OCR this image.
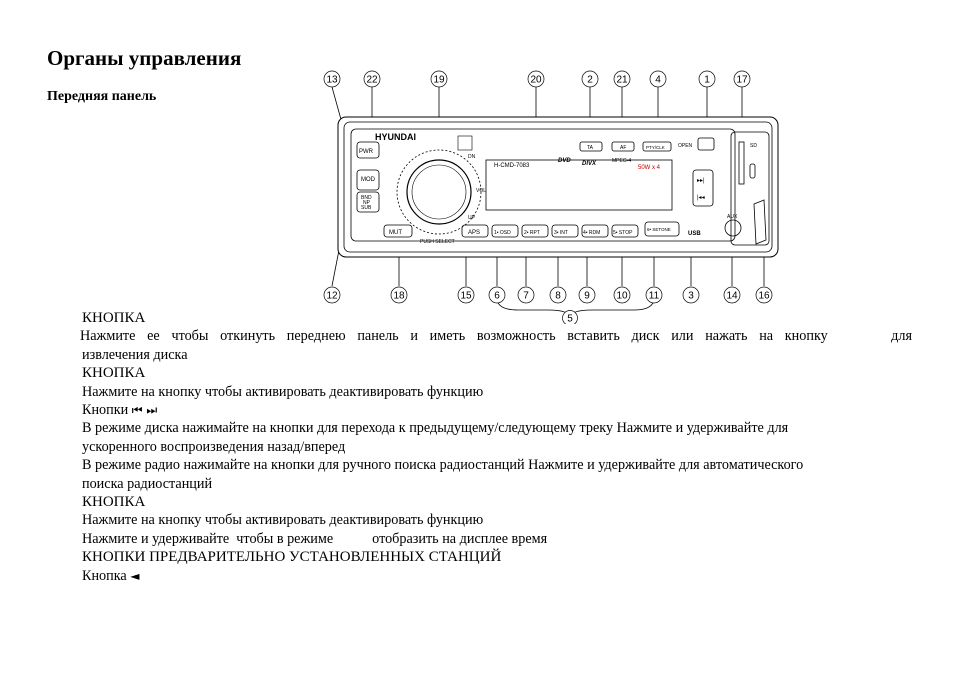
Органы управления
Передняя панель
HYUNDAI
PWR
MOD
BND
NP
SUB
MUT
PUSH SELECT
DN
VOL
UP
APS	1• OSD	2• RPT	3• INT	4• RDM	5• STOP
6• SETONE
H-CMD-7083
DVD DIVX	MPEG-4
50W x 4
TA	AF	PTY/CLK	OPEN
AUX
SD
USB
▸▸|
|◂◂
13	22	19	20	2 21	4	1	17
12	18	15 6 7	8 9	10 11	3	14 16
5
КНОПКА
Нажмите ее чтобы откинуть переднею панель и иметь возможность вставить диск или нажать на кнопку	для
извлечения диска
КНОПКА
Нажмите на кнопку чтобы активировать деактивировать функцию
Кнопки ⏮ ⏭
В режиме диска нажимайте на кнопки для перехода к предыдущему/следующему треку Нажмите и удерживайте для
ускоренного воспроизведения назад/вперед
В режиме радио нажимайте на кнопки для ручного поиска радиостанций Нажмите и удерживайте для автоматического
поиска радиостанций
КНОПКА
Нажмите на кнопку чтобы активировать деактивировать функцию
Нажмите и удерживайте  чтобы в режиме           отобразить на дисплее время
КНОПКИ ПРЕДВАРИТЕЛЬНО УСТАНОВЛЕННЫХ СТАНЦИЙ
Кнопка ◄
